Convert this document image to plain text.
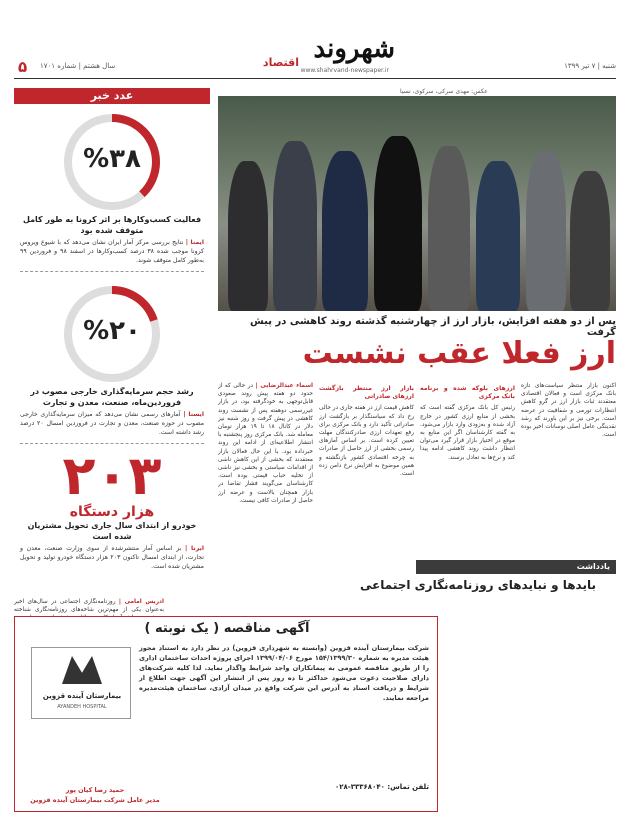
شنبه | ۷ تیر ۱۳۹۹
شهروند
اقتصاد
www.shahrvand-newspaper.ir
سال هشتم | شماره ۱۷۰۱
۵
عدد خبر
%۳۸
فعالیت کسب‌وکارها بر اثر کرونا به طور کامل متوقف شده بود
ایمنا | نتایج بررسی مرکز آمار ایران نشان می‌دهد که با شیوع ویروس کرونا موجب شده ۳۸ درصد کسب‌وکارها در اسفند ۹۸ و فروردین ۹۹ به‌طور کامل متوقف شوند.
%۲۰
رشد حجم سرمایه‌گذاری خارجی مصوب در فروردین‌ماه، صنعت، معدن و تجارت
ایسنا | آمارهای رسمی نشان می‌دهد که میزان سرمایه‌گذاری خارجی مصوب در حوزه صنعت، معدن و تجارت در فروردین امسال ۲۰ درصد رشد داشته است.
۲۰۳
هزار دستگاه
خودرو از ابتدای سال جاری تحویل مشتریان شده است
ایرنا | بر اساس آمار منتشرشده از سوی وزارت صنعت، معدن و تجارت، از ابتدای امسال تاکنون ۲۰۳ هزار دستگاه خودرو تولید و تحویل مشتریان شده است.
عکس: مهدی سرکی، سرکوی، نسیا
پس از دو هفته افزایش، بازار ارز از چهارشنبه گذشته روند کاهشی در پیش گرفت
ارز فعلا عقب نشست
اسماء عبدالرضایی | در حالی که از حدود دو هفته پیش روند صعودی قابل‌توجهی به خودگرفته بود، در بازار غیررسمی دوهفته پس از نشست روند کاهشی در پیش گرفت و روز شنبه نیز دلار در کانال ۱۸ تا ۱۹ هزار تومان معامله شد. بانک مرکزی روز پنجشنبه با انتشار اطلاعیه‌ای از ادامه این روند خبرداده بود. با این حال فعالان بازار معتقدند که بخشی از این کاهش ناشی از اقدامات سیاستی و بخشی نیز ناشی از تخلیه حباب قیمتی بوده است. کارشناسان می‌گویند فشار تقاضا در بازار همچنان بالاست و عرضه ارز حاصل از صادرات کافی نیست.
بازار ارز منتظر بازگشت ارزهای صادراتی
کاهش قیمت ارز در هفته جاری در حالی رخ داد که سیاستگذار بر بازگشت ارز صادراتی تأکید دارد و بانک مرکزی برای رفع تعهدات ارزی صادرکنندگان مهلت تعیین کرده است. بر اساس آمارهای رسمی بخشی از ارز حاصل از صادرات به چرخه اقتصادی کشور بازنگشته و همین موضوع به افزایش نرخ دامن زده است.
ارزهای بلوکه شده و برنامه بانک مرکزی
رئیس کل بانک مرکزی گفته است که بخشی از منابع ارزی کشور در خارج آزاد شده و به‌زودی وارد بازار می‌شود. به گفته کارشناسان اگر این منابع به موقع در اختیار بازار قرار گیرد می‌توان انتظار داشت روند کاهشی ادامه پیدا کند و نرخ‌ها به تعادل برسند.
اکنون بازار منتظر سیاست‌های تازه بانک مرکزی است و فعالان اقتصادی معتقدند ثبات بازار ارز در گرو کاهش انتظارات تورمی و شفافیت در عرضه است. برخی نیز بر این باورند که رشد نقدینگی عامل اصلی نوسانات اخیر بوده است.
یادداشت
بایدها و نبایدهای روزنامه‌نگاری اجتماعی
ادریس امامی | روزنامه‌نگاری اجتماعی در سال‌های اخیر به‌عنوان یکی از مهم‌ترین شاخه‌های روزنامه‌نگاری شناخته
آگهی مناقصه ( یک نوبته )
شرکت بیمارستان آینده قزوین (وابسته به شهرداری قزوین) در نظر دارد به استناد مجوز هیئت مدیره به شماره ۱۵۴/۱۳۹۹/۳۰ مورخ ۱۳۹۹/۰۴/۰۶ اجرای پروژه احداث ساختمان اداری را از طریق مناقصه عمومی به پیمانکاران واجد شرایط واگذار نماید. لذا کلیه شرکت‌های دارای صلاحیت دعوت می‌شود حداکثر تا ده روز پس از انتشار این آگهی جهت اطلاع از شرایط و دریافت اسناد به آدرس این شرکت واقع در میدان آزادی، ساختمان هیئت‌مدیره مراجعه نمایند.
بیمارستان آینده قزوین
AYANDEH HOSPITAL
تلفن تماس: ۳۳۳۶۸۰۴۰-۰۲۸
حمید رضا کیان پور
مدیر عامل شرکت بیمارستان آینده قزوین
